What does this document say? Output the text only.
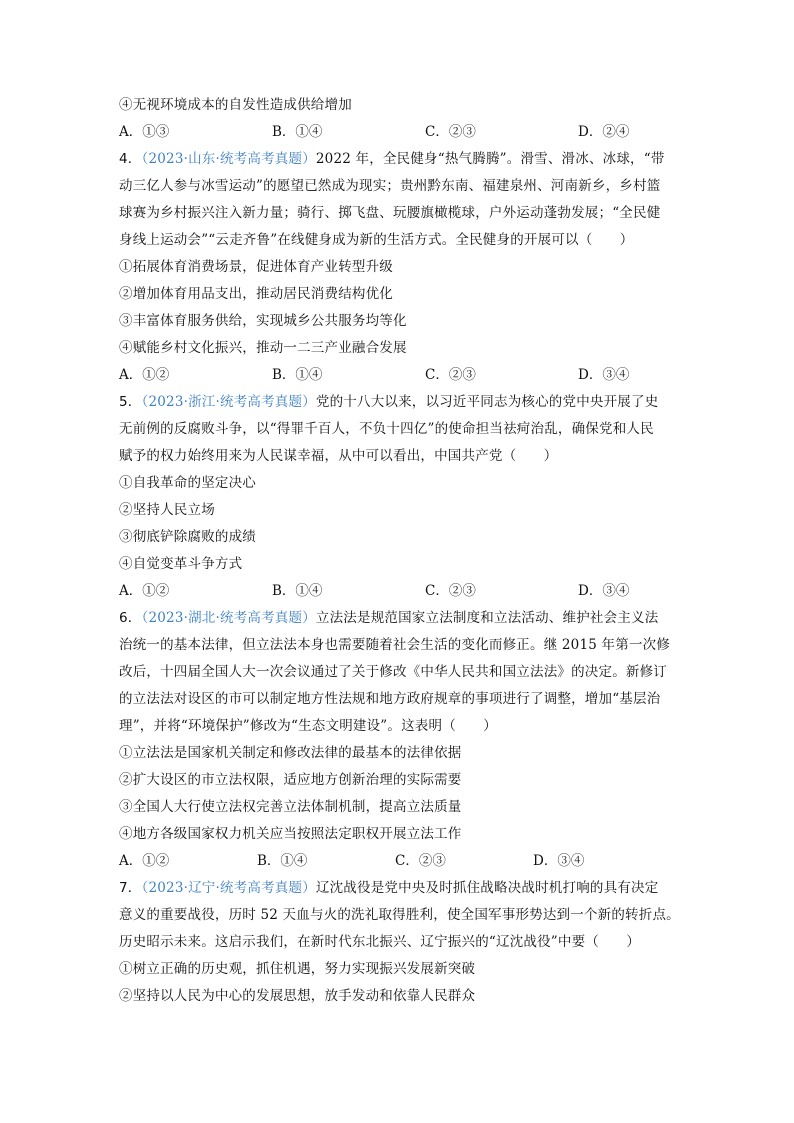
④无视环境成本的自发性造成供给增加
A．①③	B．①④	C．②③	D．②④
4．（2023·山东·统考高考真题）2022 年，全民健身“热气腾腾”。滑雪、滑冰、冰球，“带
动三亿人参与冰雪运动”的愿望已然成为现实；贵州黔东南、福建泉州、河南新乡，乡村篮
球赛为乡村振兴注入新力量；骑行、掷飞盘、玩腰旗橄榄球，户外运动蓬勃发展；“全民健
身线上运动会”“云走齐鲁”在线健身成为新的生活方式。全民健身的开展可以（　　）
①拓展体育消费场景，促进体育产业转型升级
②增加体育用品支出，推动居民消费结构优化
③丰富体育服务供给，实现城乡公共服务均等化
④赋能乡村文化振兴，推动一二三产业融合发展
A．①②	B．①④	C．②③	D．③④
5．（2023·浙江·统考高考真题）党的十八大以来，以习近平同志为核心的党中央开展了史
无前例的反腐败斗争，以“得罪千百人，不负十四亿”的使命担当祛疴治乱，确保党和人民
赋予的权力始终用来为人民谋幸福，从中可以看出，中国共产党（　　）
①自我革命的坚定决心
②坚持人民立场
③彻底铲除腐败的成绩
④自觉变革斗争方式
A．①②	B．①④	C．②③	D．③④
6．（2023·湖北·统考高考真题）立法法是规范国家立法制度和立法活动、维护社会主义法
治统一的基本法律，但立法法本身也需要随着社会生活的变化而修正。继 2015 年第一次修
改后，十四届全国人大一次会议通过了关于修改《中华人民共和国立法法》的决定。新修订
的立法法对设区的市可以制定地方性法规和地方政府规章的事项进行了调整，增加“基层治
理”，并将“环境保护”修改为“生态文明建设”。这表明（　　）
①立法法是国家机关制定和修改法律的最基本的法律依据
②扩大设区的市立法权限，适应地方创新治理的实际需要
③全国人大行使立法权完善立法体制机制，提高立法质量
④地方各级国家权力机关应当按照法定职权开展立法工作
A．①②	B．①④	C．②③	D．③④
7．（2023·辽宁·统考高考真题）辽沈战役是党中央及时抓住战略决战时机打响的具有决定
意义的重要战役，历时 52 天血与火的洗礼取得胜利，使全国军事形势达到一个新的转折点。
历史昭示未来。这启示我们，在新时代东北振兴、辽宁振兴的“辽沈战役”中要（　　）
①树立正确的历史观，抓住机遇，努力实现振兴发展新突破
②坚持以人民为中心的发展思想，放手发动和依靠人民群众
